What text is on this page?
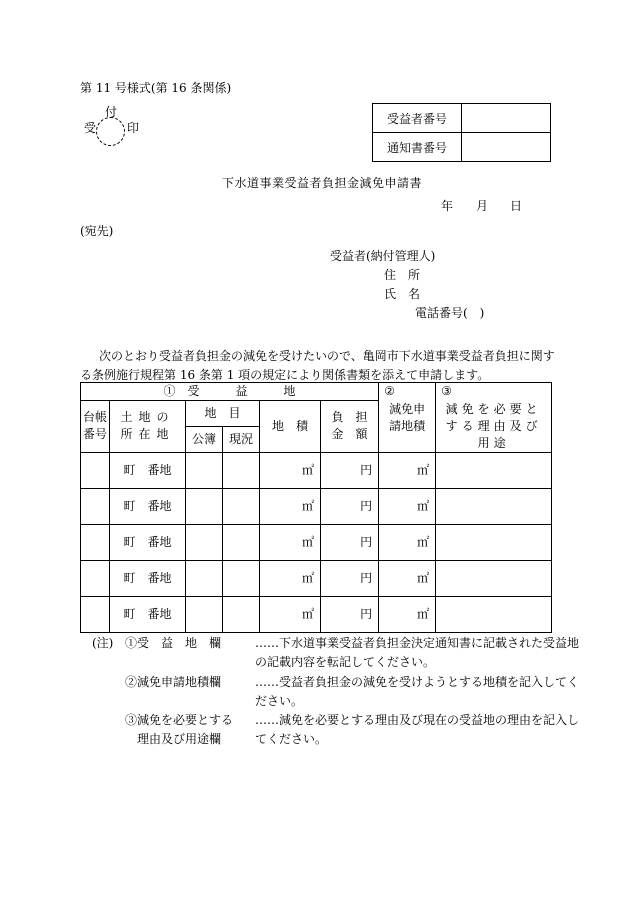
第 11 号様式(第 16 条関係)
受
付
印
受益者番号	
通知書番号	
下水道事業受益者負担金減免申請書
年 月 日
(宛先)
受益者(納付管理人)
住　所
氏　名
電話番号(　)
次のとおり受益者負担金の減免を受けたいので、亀岡市下水道事業受益者負担に関す
る条例施行規程第 16 条第 1 項の規定により関係書類を添えて申請します。
①　受　　　益　　　地						②	③
台帳番号	土地の所在地	地　目		地　積	負　担金　額	減免申請地積	減免を必要とする理由及び用途
		公簿	現況				
	町　番地			㎡	円	㎡	
	町　番地			㎡	円	㎡	
	町　番地			㎡	円	㎡	
	町　番地			㎡	円	㎡	
	町　番地			㎡	円	㎡	
(注) ①受　益　地　欄	……下水道事業受益者負担金決定通知書に記載された受益地
の記載内容を転記してください。
②減免申請地積欄	……受益者負担金の減免を受けようとする地積を記入してく
ださい。
③減免を必要とする
理由及び用途欄
……減免を必要とする理由及び現在の受益地の理由を記入し
てください。
